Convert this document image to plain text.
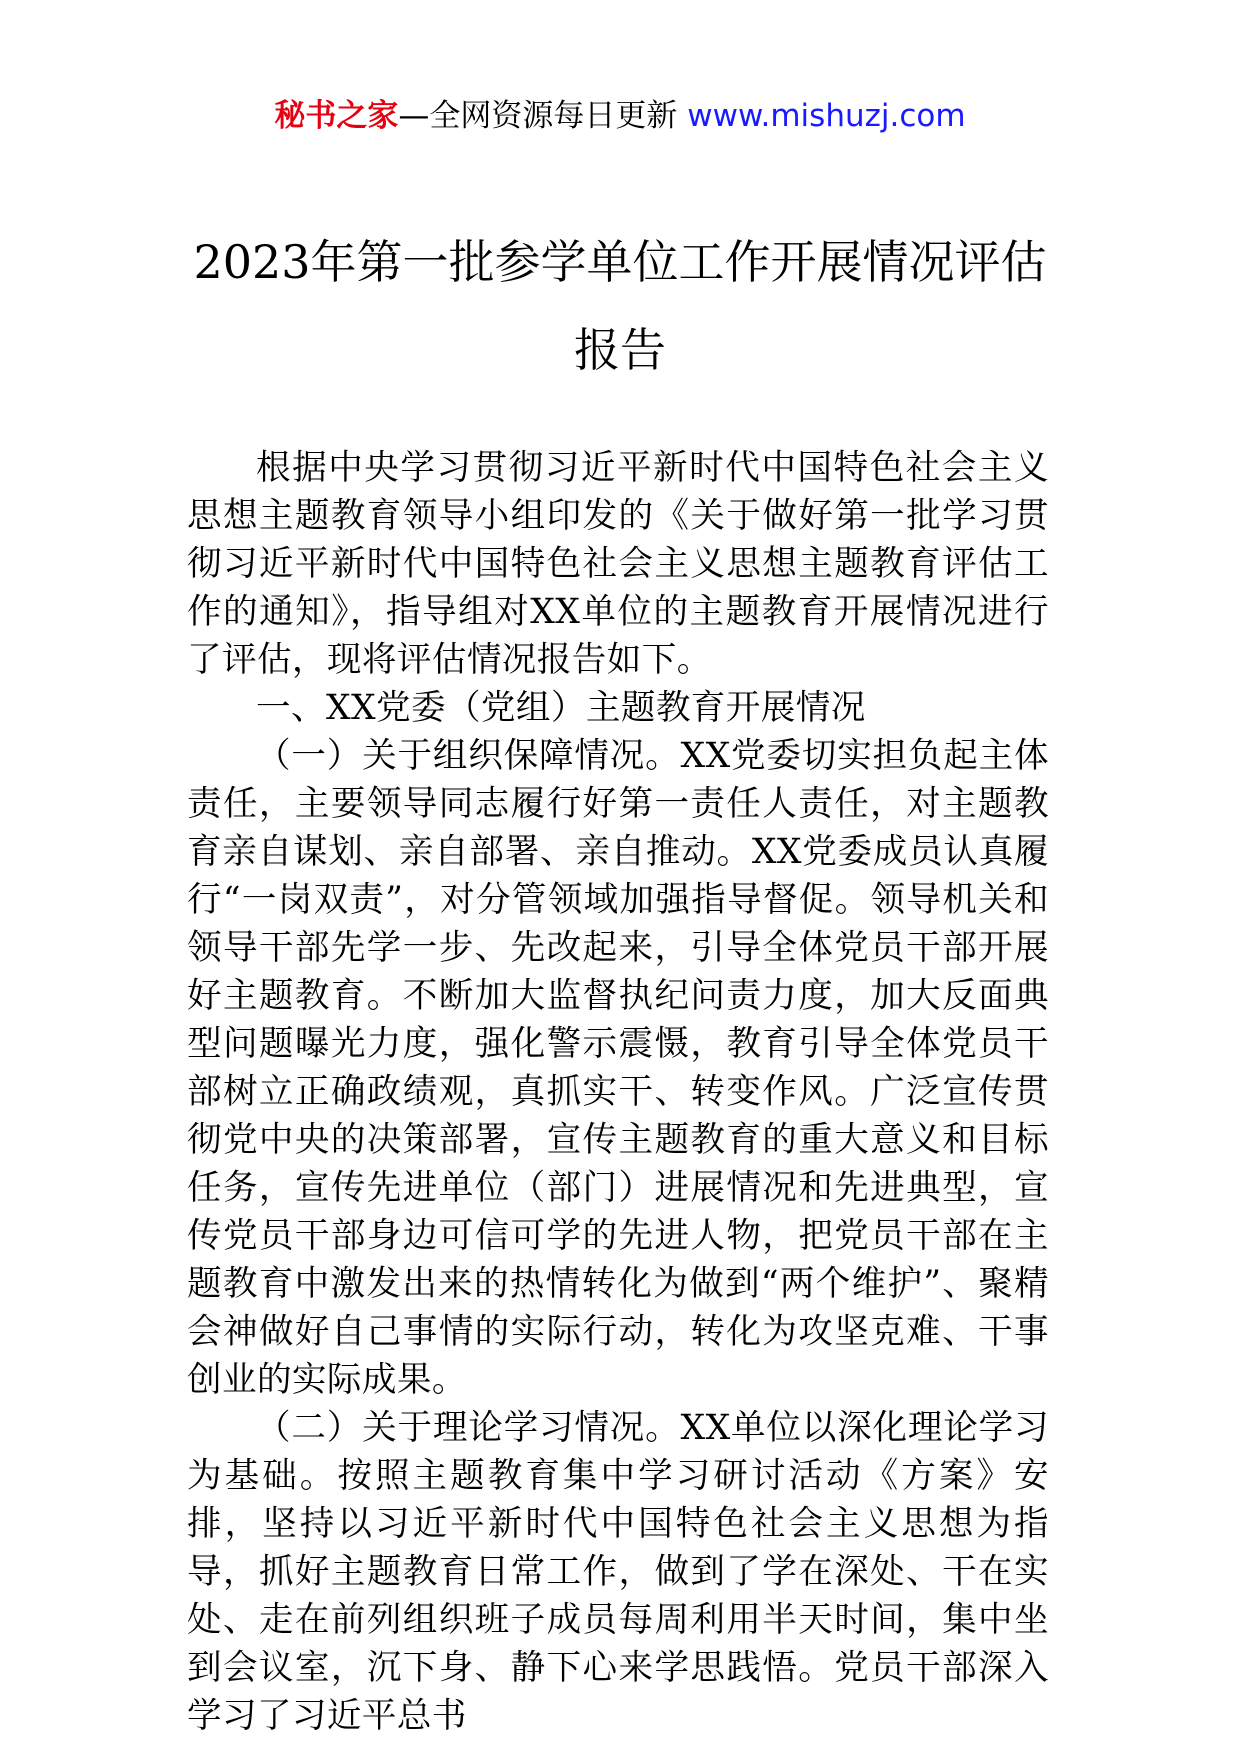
秘书之家—全网资源每日更新 www.mishuzj.com
2023年第一批参学单位工作开展情况评估
报告

根据中央学习贯彻习近平新时代中国特色社会主义思想主题教育领导小组印发的《关于做好第一批学习贯彻习近平新时代中国特色社会主义思想主题教育评估工作的通知》，指导组对XX单位的主题教育开展情况进行了评估，现将评估情况报告如下。

一、XX党委（党组）主题教育开展情况

（一）关于组织保障情况。XX党委切实担负起主体责任，主要领导同志履行好第一责任人责任，对主题教育亲自谋划、亲自部署、亲自推动。XX党委成员认真履行“一岗双责”，对分管领域加强指导督促。领导机关和领导干部先学一步、先改起来，引导全体党员干部开展好主题教育。不断加大监督执纪问责力度，加大反面典型问题曝光力度，强化警示震慑，教育引导全体党员干部树立正确政绩观，真抓实干、转变作风。广泛宣传贯彻党中央的决策部署，宣传主题教育的重大意义和目标任务，宣传先进单位（部门）进展情况和先进典型，宣传党员干部身边可信可学的先进人物，把党员干部在主题教育中激发出来的热情转化为做到“两个维护”、聚精会神做好自己事情的实际行动，转化为攻坚克难、干事创业的实际成果。

（二）关于理论学习情况。XX单位以深化理论学习为基础。按照主题教育集中学习研讨活动《方案》安排，坚持以习近平新时代中国特色社会主义思想为指导，抓好主题教育日常工作，做到了学在深处、干在实处、走在前列组织班子成员每周利用半天时间，集中坐到会议室，沉下身、静下心来学思践悟。党员干部深入学习了习近平总书
